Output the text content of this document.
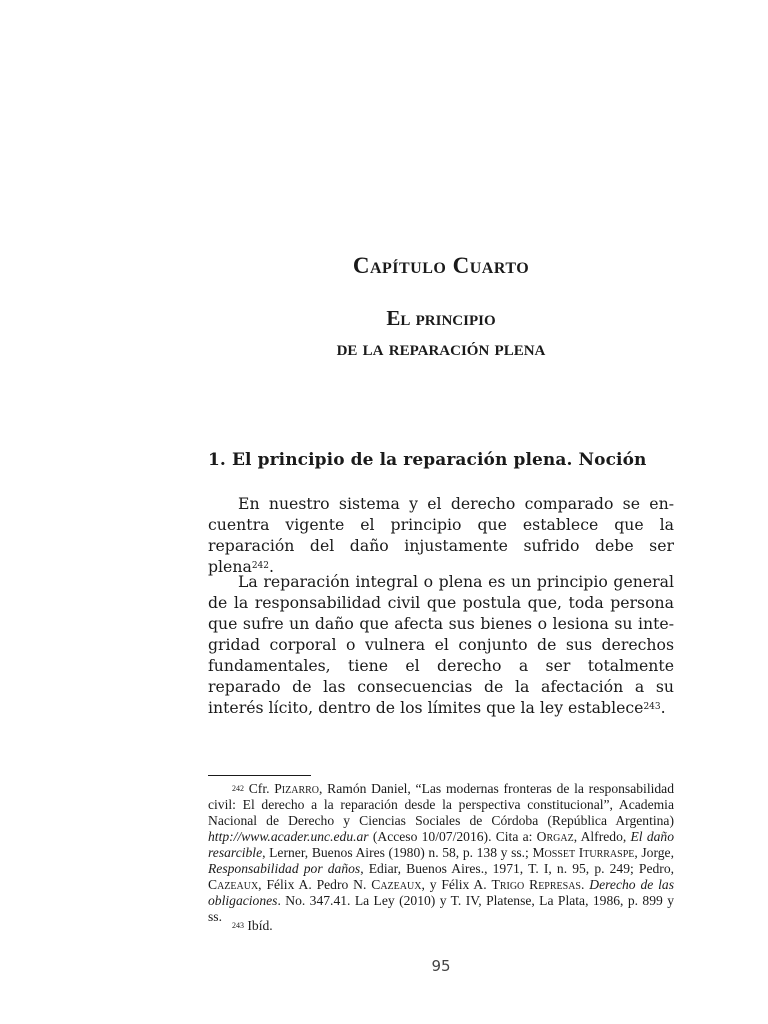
Capítulo Cuarto
El principio
de la reparación plena
1. El principio de la reparación plena. Noción

En nuestro sistema y el derecho comparado se encuentra vigente el principio que establece que la reparación del daño injustamente sufrido debe ser plena$^{242}$.

La reparación integral o plena es un principio general de la responsabilidad civil que postula que, toda persona que sufre un daño que afecta sus bienes o lesiona su integridad corporal o vulnera el conjunto de sus derechos fundamentales, tiene el derecho a ser totalmente reparado de las consecuencias de la afectación a su interés lícito, dentro de los límites que la ley establece$^{243}$.

$^{242}$ Cfr. Pizarro, Ramón Daniel, “Las modernas fronteras de la responsabilidad civil: El derecho a la reparación desde la perspectiva constitucional”, Academia Nacional de Derecho y Ciencias Sociales de Córdoba (República Argentina) http://www.acader.unc.edu.ar (Acceso 10/07/2016). Cita a: Orgaz, Alfredo, El daño resarcible, Lerner, Buenos Aires (1980) n. 58, p. 138 y ss.; Mosset Iturraspe, Jorge, Responsabilidad por daños, Ediar, Buenos Aires., 1971, T. I, n. 95, p. 249; Pedro, Cazeaux, Félix A. Pedro N. Cazeaux, y Félix A. Trigo Represas. Derecho de las obligaciones. No. 347.41. La Ley (2010) y T. IV, Platense, La Plata, 1986, p. 899 y ss.

$^{243}$ Ibíd.

95
